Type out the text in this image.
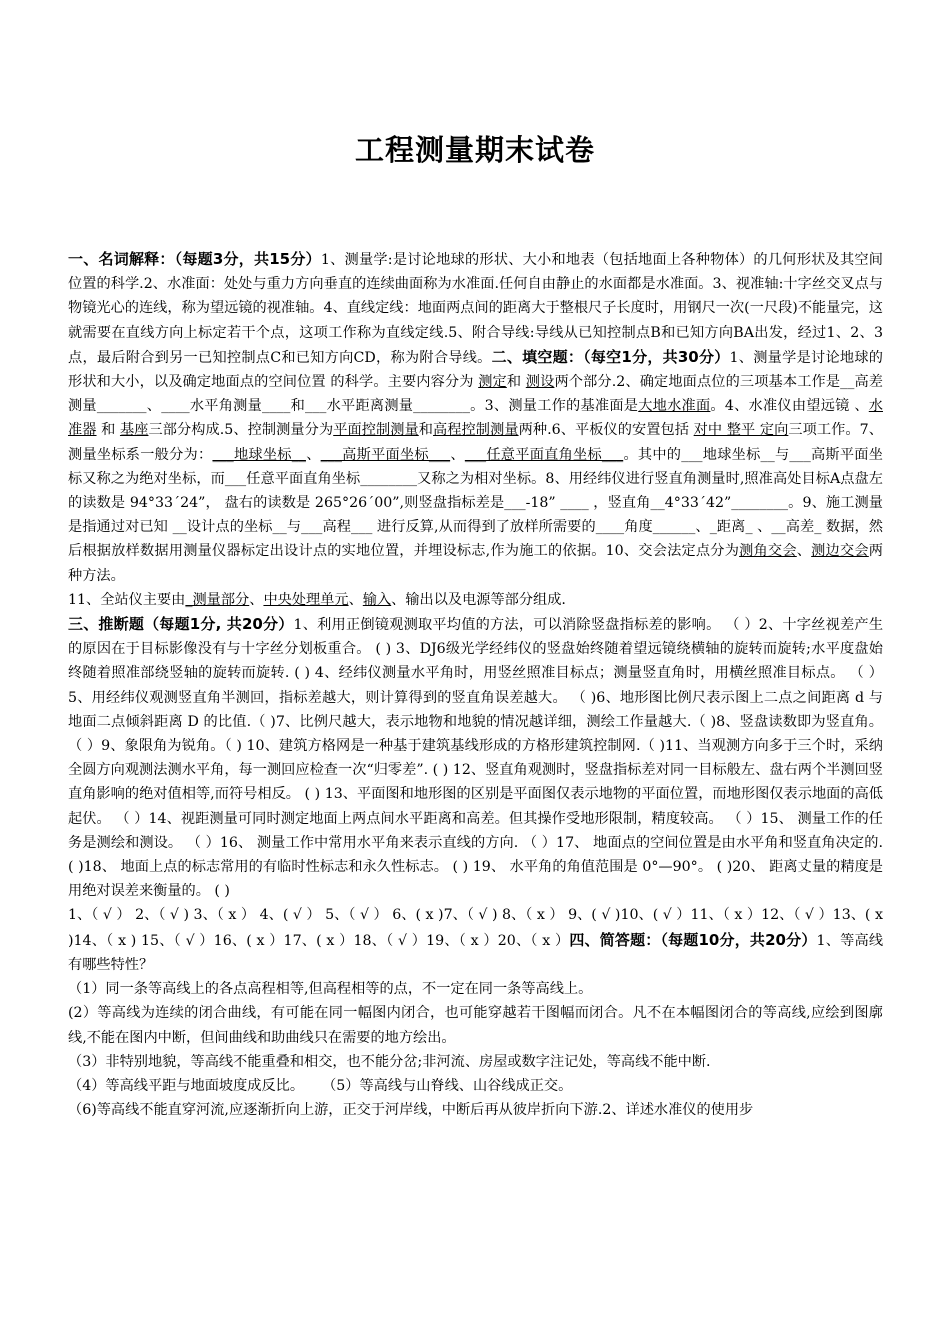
工程测量期末试卷

一、名词解释：（每题3分，共15分）1、测量学:是讨论地球的形状、大小和地表（包括地面上各种物体）的几何形状及其空间位置的科学.2、水准面：处处与重力方向垂直的连续曲面称为水准面.任何自由静止的水面都是水准面。3、视准轴:十字丝交叉点与物镜光心的连线，称为望远镜的视准轴。4、直线定线：地面两点间的距离大于整根尺子长度时，用钢尺一次(一尺段)不能量完，这就需要在直线方向上标定若干个点，这项工作称为直线定线.5、附合导线:导线从已知控制点B和已知方向BA出发，经过1、2、3点，最后附合到另一已知控制点C和已知方向CD，称为附合导线。二、填空题：（每空1分，共30分）1、测量学是讨论地球的形状和大小，以及确定地面点的空间位置 的科学。主要内容分为 测定和 测设两个部分.2、确定地面点位的三项基本工作是__高差测量_______、____水平角测量____和___水平距离测量________。3、测量工作的基准面是大地水准面。4、水准仪由望远镜 、水准器 和 基座三部分构成.5、控制测量分为平面控制测量和高程控制测量两种.6、平板仪的安置包括 对中 整平 定向三项工作。7、测量坐标系一般分为：___地球坐标__、___高斯平面坐标___、___任意平面直角坐标___。其中的___地球坐标__与___高斯平面坐标又称之为绝对坐标，而___任意平面直角坐标________又称之为相对坐标。8、用经纬仪进行竖直角测量时,照准高处目标A点盘左的读数是 94°33´24”， 盘右的读数是 265°26´00”,则竖盘指标差是___-18” ____ ，竖直角__4°33´42”________。9、施工测量是指通过对已知 __设计点的坐标__与___高程___ 进行反算,从而得到了放样所需要的____角度______、_距离_ 、__高差_ 数据，然后根据放样数据用测量仪器标定出设计点的实地位置，并埋设标志,作为施工的依据。10、交会法定点分为测角交会、测边交会两种方法。

11、全站仪主要由_测量部分、中央处理单元、输入、输出以及电源等部分组成.

三、推断题（每题1分, 共20分）1、利用正倒镜观测取平均值的方法，可以消除竖盘指标差的影响。 （ ）2、十字丝视差产生的原因在于目标影像没有与十字丝分划板重合。 ( ) 3、DJ6级光学经纬仪的竖盘始终随着望远镜绕横轴的旋转而旋转;水平度盘始终随着照准部绕竖轴的旋转而旋转. ( ) 4、经纬仪测量水平角时，用竖丝照准目标点；测量竖直角时，用横丝照准目标点。 （ ）5、用经纬仪观测竖直角半测回，指标差越大，则计算得到的竖直角误差越大。 （ )6、地形图比例尺表示图上二点之间距离 d 与地面二点倾斜距离 D 的比值.（ )7、比例尺越大，表示地物和地貌的情况越详细，测绘工作量越大.（ )8、竖盘读数即为竖直角。 （ ）9、象限角为锐角。（ ) 10、建筑方格网是一种基于建筑基线形成的方格形建筑控制网.（ )11、当观测方向多于三个时，采纳全圆方向观测法测水平角，每一测回应检查一次“归零差”. ( ) 12、竖直角观测时，竖盘指标差对同一目标般左、盘右两个半测回竖直角影响的绝对值相等,而符号相反。 ( ) 13、平面图和地形图的区别是平面图仅表示地物的平面位置，而地形图仅表示地面的高低起伏。 （ ）14、视距测量可同时测定地面上两点间水平距离和高差。但其操作受地形限制，精度较高。 （ ）15、 测量工作的任务是测绘和测设。 （ ）16、 测量工作中常用水平角来表示直线的方向. （ ）17、 地面点的空间位置是由水平角和竖直角决定的. ( )18、 地面上点的标志常用的有临时性标志和永久性标志。 ( ) 19、 水平角的角值范围是 0°—90°。 ( )20、 距离丈量的精度是用绝对误差来衡量的。 ( )

1、（ √ ） 2、（ √ ) 3、（ x ） 4、( √ ） 5、（ √ ） 6、( x )7、（ √ ) 8、（ x ） 9、( √ )10、( √ ）11、（ x ）12、（ √ ）13、( x )14、（ x ) 15、（ √ ）16、( x ）17、( x ）18、（ √ ）19、（ x ）20、（ x ）四、简答题：（每题10分，共20分）1、等高线有哪些特性？

（1）同一条等高线上的各点高程相等,但高程相等的点，不一定在同一条等高线上。

(2）等高线为连续的闭合曲线，有可能在同一幅图内闭合，也可能穿越若干图幅而闭合。凡不在本幅图闭合的等高线,应绘到图廓线,不能在图内中断，但间曲线和助曲线只在需要的地方绘出。

（3）非特别地貌，等高线不能重叠和相交，也不能分岔;非河流、房屋或数字注记处，等高线不能中断.

（4）等高线平距与地面坡度成反比。    （5）等高线与山脊线、山谷线成正交。

（6)等高线不能直穿河流,应逐渐折向上游，正交于河岸线，中断后再从彼岸折向下游.2、详述水准仪的使用步
